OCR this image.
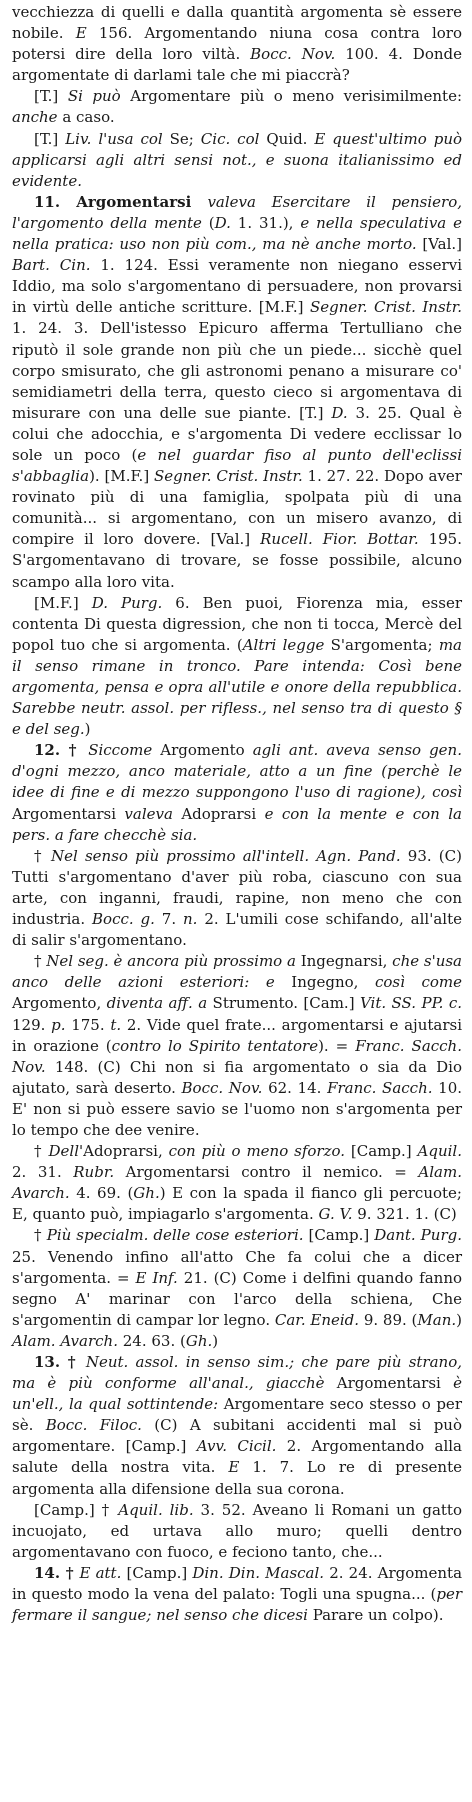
vecchiezza di quelli e dalla quantità argomenta sè essere nobile. E 156. Argomentando niuna cosa contra loro potersi dire della loro viltà. Bocc. Nov. 100. 4. Donde argomentate di darlami tale che mi piaccrà?

[T.] Si può Argomentare più o meno verisimilmente: anche a caso.

[T.] Liv. l'usa col Se; Cic. col Quid. E quest'ultimo può applicarsi agli altri sensi not., e suona italianissimo ed evidente.

11. Argomentarsi valeva Esercitare il pensiero, l'argomento della mente (D. 1. 31.), e nella speculativa e nella pratica: uso non più com., ma nè anche morto. [Val.] Bart. Cin. 1. 124. Essi veramente non niegano esservi Iddio, ma solo s'argomentano di persuadere, non provarsi in virtù delle antiche scritture. [M.F.] Segner. Crist. Instr. 1. 24. 3. Dell'istesso Epicuro afferma Tertulliano che riputò il sole grande non più che un piede... sicchè quel corpo smisurato, che gli astronomi penano a misurare co' semidiametri della terra, questo cieco si argomentava di misurare con una delle sue piante. [T.] D. 3. 25. Qual è colui che adocchia, e s'argomenta Di vedere ecclissar lo sole un poco (e nel guardar fiso al punto dell'eclissi s'abbaglia). [M.F.] Segner. Crist. Instr. 1. 27. 22. Dopo aver rovinato più di una famiglia, spolpata più di una comunità... si argomentano, con un misero avanzo, di compire il loro dovere. [Val.] Rucell. Fior. Bottar. 195. S'argomentavano di trovare, se fosse possibile, alcuno scampo alla loro vita.

[M.F.] D. Purg. 6. Ben puoi, Fiorenza mia, esser contenta Di questa digression, che non ti tocca, Mercè del popol tuo che si argomenta. (Altri legge S'argomenta; ma il senso rimane in tronco. Pare intenda: Così bene argomenta, pensa e opra all'utile e onore della repubblica. Sarebbe neutr. assol. per rifless., nel senso tra di questo § e del seg.)

12. † Siccome Argomento agli ant. aveva senso gen. d'ogni mezzo, anco materiale, atto a un fine (perchè le idee di fine e di mezzo suppongono l'uso di ragione), così Argomentarsi valeva Adoprarsi e con la mente e con la pers. a fare checchè sia.

† Nel senso più prossimo all'intell. Agn. Pand. 93. (C) Tutti s'argomentano d'aver più roba, ciascuno con sua arte, con inganni, fraudi, rapine, non meno che con industria. Bocc. g. 7. n. 2. L'umili cose schifando, all'alte di salir s'argomentano.

† Nel seg. è ancora più prossimo a Ingegnarsi, che s'usa anco delle azioni esteriori: e Ingegno, così come Argomento, diventa aff. a Strumento. [Cam.] Vit. SS. PP. c. 129. p. 175. t. 2. Vide quel frate... argomentarsi e ajutarsi in orazione (contro lo Spirito tentatore). = Franc. Sacch. Nov. 148. (C) Chi non si fia argomentato o sia da Dio ajutato, sarà deserto. Bocc. Nov. 62. 14. Franc. Sacch. 10. E' non si può essere savio se l'uomo non s'argomenta per lo tempo che dee venire.

† Dell'Adoprarsi, con più o meno sforzo. [Camp.] Aquil. 2. 31. Rubr. Argomentarsi contro il nemico. = Alam. Avarch. 4. 69. (Gh.) E con la spada il fianco gli percuote; E, quanto può, impiagarlo s'argomenta. G. V. 9. 321. 1. (C)

† Più specialm. delle cose esteriori. [Camp.] Dant. Purg. 25. Venendo infino all'atto Che fa colui che a dicer s'argomenta. = E Inf. 21. (C) Come i delfini quando fanno segno A' marinar con l'arco della schiena, Che s'argomentin di campar lor legno. Car. Eneid. 9. 89. (Man.) Alam. Avarch. 24. 63. (Gh.)

13. † Neut. assol. in senso sim.; che pare più strano, ma è più conforme all'anal., giacchè Argomentarsi è un'ell., la qual sottintende: Argomentare seco stesso o per sè. Bocc. Filoc. (C) A subitani accidenti mal si può argomentare. [Camp.] Avv. Cicil. 2. Argomentando alla salute della nostra vita. E 1. 7. Lo re di presente argomenta alla difensione della sua corona.

[Camp.] † Aquil. lib. 3. 52. Aveano li Romani un gatto incuojato, ed urtava allo muro; quelli dentro argomentavano con fuoco, e feciono tanto, che...

14. † E att. [Camp.] Din. Din. Mascal. 2. 24. Argomenta in questo modo la vena del palato: Togli una spugna... (per fermare il sangue; nel senso che dicesi Parare un colpo).
